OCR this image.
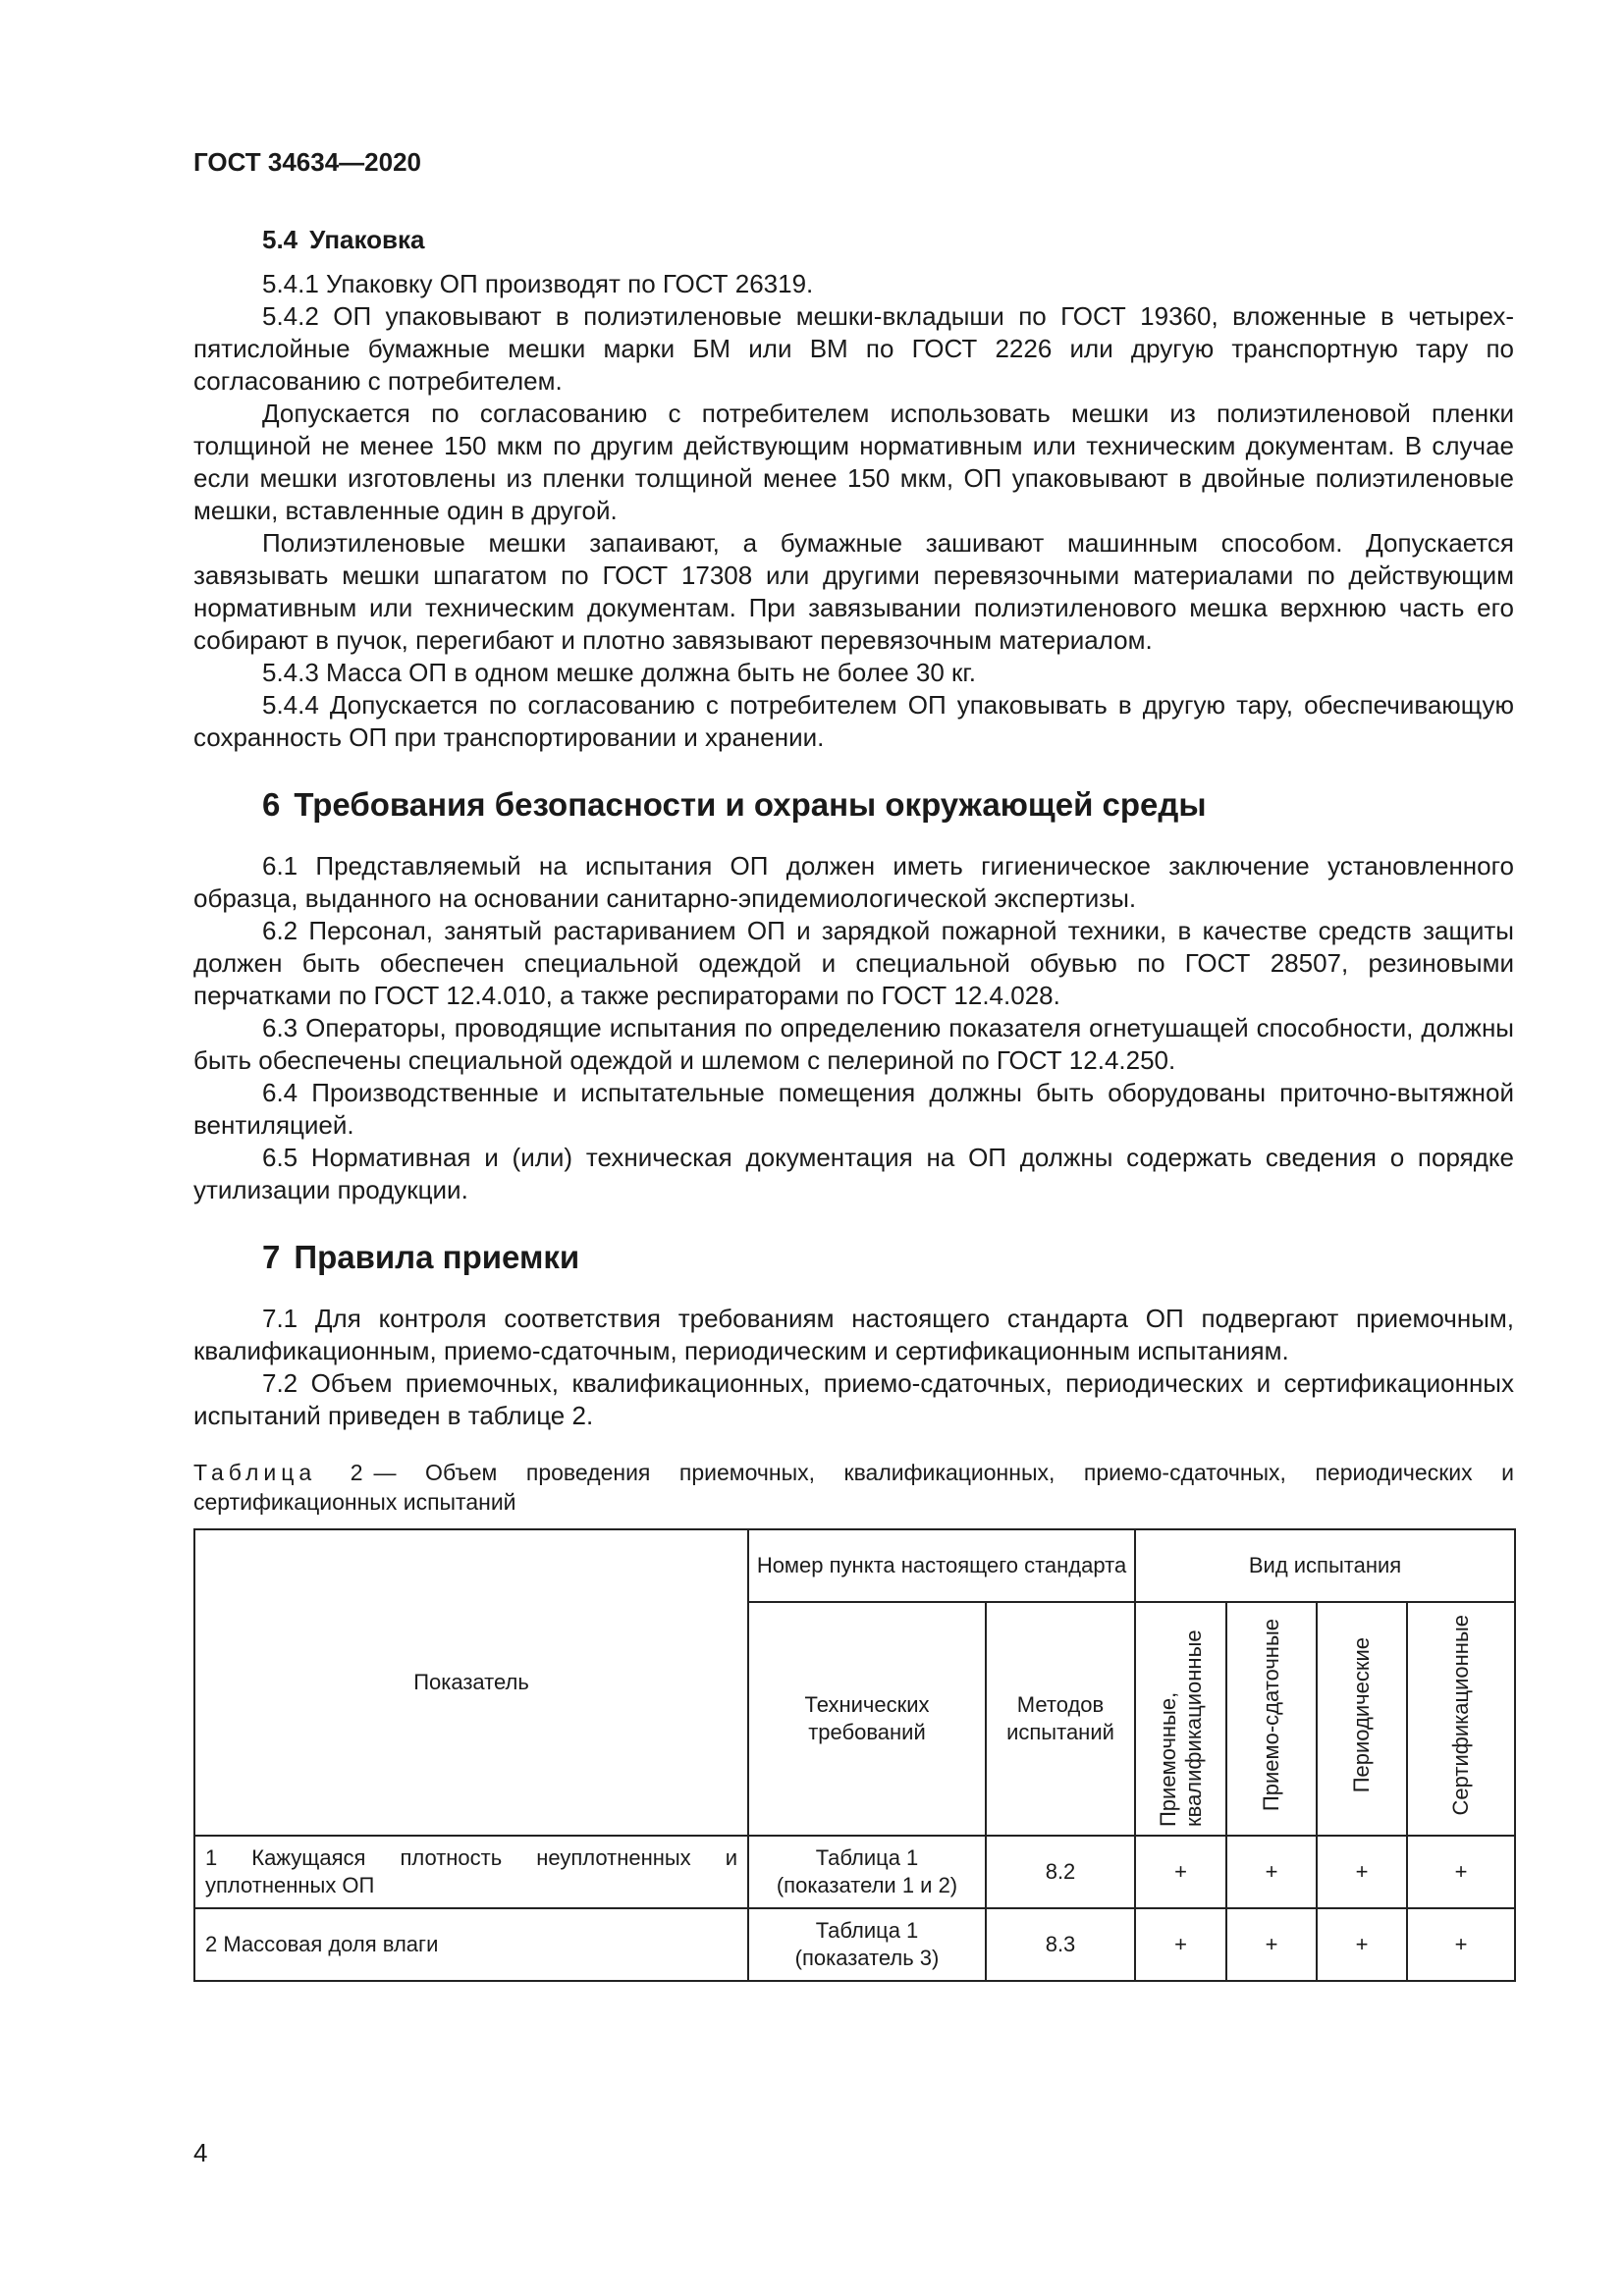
ГОСТ 34634—2020
5.4 Упаковка

5.4.1 Упаковку ОП производят по ГОСТ 26319.

5.4.2 ОП упаковывают в полиэтиленовые мешки-вкладыши по ГОСТ 19360, вложенные в четырех-пятислойные бумажные мешки марки БМ или ВМ по ГОСТ 2226 или другую транспортную тару по согласованию с потребителем.

Допускается по согласованию с потребителем использовать мешки из полиэтиленовой пленки толщиной не менее 150 мкм по другим действующим нормативным или техническим документам. В случае если мешки изготовлены из пленки толщиной менее 150 мкм, ОП упаковывают в двойные полиэтиленовые мешки, вставленные один в другой.

Полиэтиленовые мешки запаивают, а бумажные зашивают машинным способом. Допускается завязывать мешки шпагатом по ГОСТ 17308 или другими перевязочными материалами по действующим нормативным или техническим документам. При завязывании полиэтиленового мешка верхнюю часть его собирают в пучок, перегибают и плотно завязывают перевязочным материалом.

5.4.3 Масса ОП в одном мешке должна быть не более 30 кг.

5.4.4 Допускается по согласованию с потребителем ОП упаковывать в другую тару, обеспечивающую сохранность ОП при транспортировании и хранении.

6 Требования безопасности и охраны окружающей среды

6.1 Представляемый на испытания ОП должен иметь гигиеническое заключение установленного образца, выданного на основании санитарно-эпидемиологической экспертизы.

6.2 Персонал, занятый растариванием ОП и зарядкой пожарной техники, в качестве средств защиты должен быть обеспечен специальной одеждой и специальной обувью по ГОСТ 28507, резиновыми перчатками по ГОСТ 12.4.010, а также респираторами по ГОСТ 12.4.028.

6.3 Операторы, проводящие испытания по определению показателя огнетушащей способности, должны быть обеспечены специальной одеждой и шлемом с пелериной по ГОСТ 12.4.250.

6.4 Производственные и испытательные помещения должны быть оборудованы приточно-вытяжной вентиляцией.

6.5 Нормативная и (или) техническая документация на ОП должны содержать сведения о порядке утилизации продукции.

7 Правила приемки

7.1 Для контроля соответствия требованиям настоящего стандарта ОП подвергают приемочным, квалификационным, приемо-сдаточным, периодическим и сертификационным испытаниям.

7.2 Объем приемочных, квалификационных, приемо-сдаточных, периодических и сертификационных испытаний приведен в таблице 2.

Таблица 2 — Объем проведения приемочных, квалификационных, приемо-сдаточных, периодических и сертификационных испытаний
Показатель	Номер пункта настоящего стандарта		Вид испытания			
	Технических требований	Методов испытаний	Приемочные, квалификационные	Приемо-сдаточные	Периодические	Сертификационные
1 Кажущаяся плотность неуплотненных и уплотненных ОП	Таблица 1 (показатели 1 и 2)	8.2	+	+	+	+
2 Массовая доля влаги	Таблица 1 (показатель 3)	8.3	+	+	+	+
4
